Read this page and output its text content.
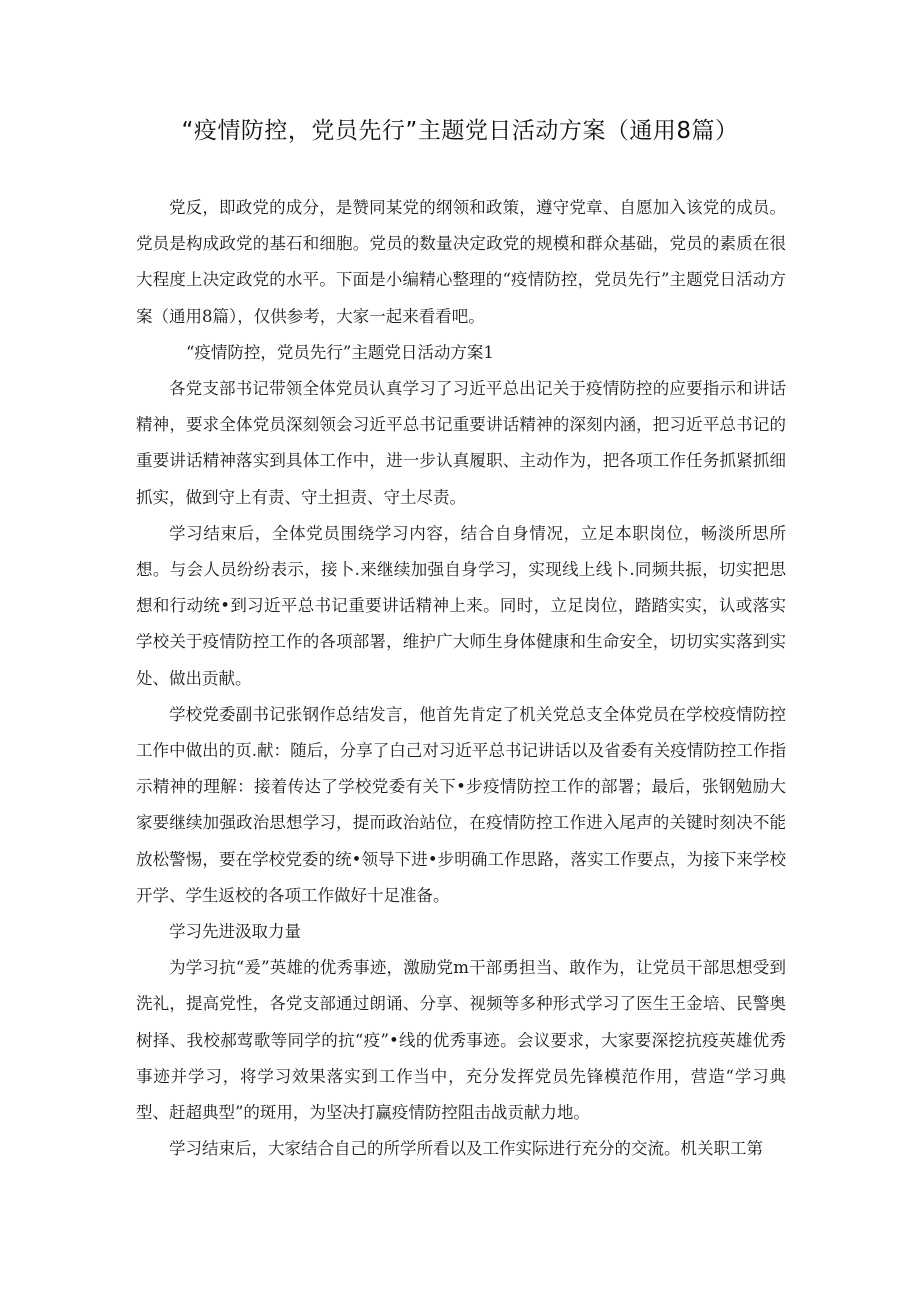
“疫情防控，党员先行”主题党日活动方案（通用8篇）

党反，即政党的成分，是赞同某党的纲领和政策，遵守党章、自愿加入该党的成员。党员是构成政党的基石和细胞。党员的数量决定政党的规模和群众基础，党员的素质在很大程度上决定政党的水平。下面是小编精心整理的“疫情防控，党员先行”主题党日活动方案（通用8篇），仅供参考，大家一起来看看吧。

“疫情防控，党员先行”主题党日活动方案1

各党支部书记带领全体党员认真学习了习近平总出记关于疫情防控的应要指示和讲话精神，要求全体党员深刻领会习近平总书记重要讲话精神的深刻内涵，把习近平总书记的重要讲话精神落实到具体工作中，进一步认真履职、主动作为，把各项工作任务抓紧抓细抓实，做到守上有责、守土担责、守土尽责。

学习结束后，全体党员围绕学习内容，结合自身情况，立足本职岗位，畅淡所思所想。与会人员纷纷表示，接卜.来继续加强自身学习，实现线上线卜.同频共振，切实把思想和行动统•到习近平总书记重要讲话精神上来。同时，立足岗位，踏踏实实，认或落实学校关于疫情防控工作的各项部署，维护广大师生身体健康和生命安全，切切实实落到实处、做出贡献。

学校党委副书记张钢作总结发言，他首先肯定了机关党总支全体党员在学校疫情防控工作中做出的页.献：随后，分享了白己对习近平总书记讲话以及省委有关疫情防控工作指示精神的理解：接着传达了学校党委有关下•步疫情防控工作的部署；最后，张钢勉励大家要继续加强政治思想学习，提而政治站位，在疫情防控工作进入尾声的关键时刻决不能放松警惕，要在学校党委的统•领导下进•步明确工作思路，落实工作要点，为接下来学校开学、学生返校的各项工作做好十足准备。

学习先进汲取力量

为学习抗“爰”英雄的优秀事迹，激励党m干部勇担当、敢作为，让党员干部思想受到洗礼，提高党性，各党支部通过朗诵、分享、视频等多种形式学习了医生王金培、民警奥树择、我校郝莺歌等同学的抗“疫”•线的优秀事迹。会议要求，大家要深挖抗疫英雄优秀事迹并学习，将学习效果落实到工作当中，充分发挥党员先锋模范作用，营造“学习典型、赶超典型”的斑用，为坚决打赢疫情防控阻击战贡献力地。

学习结束后，大家结合自己的所学所看以及工作实际进行充分的交流。机关职工第
